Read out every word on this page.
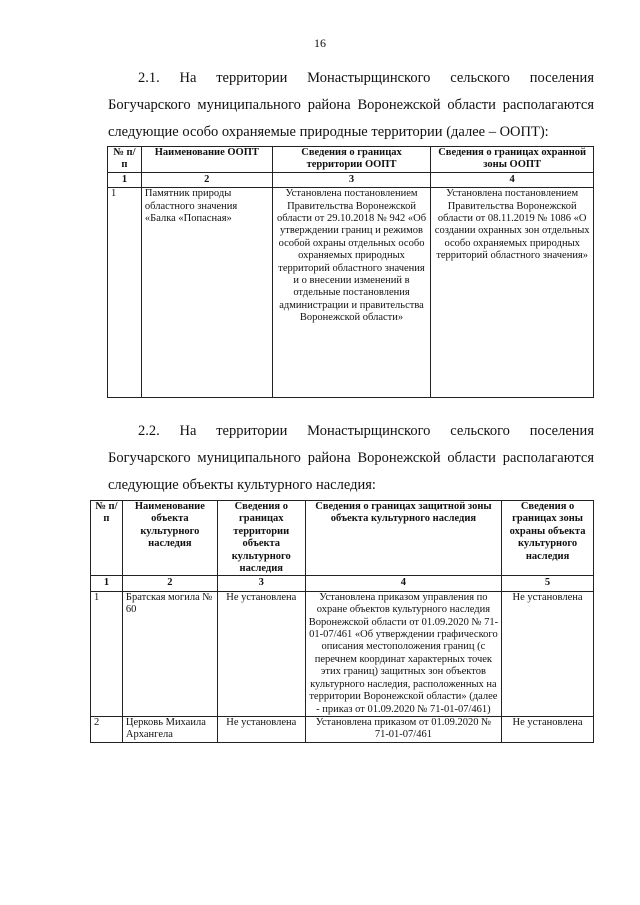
16
2.1. На территории Монастырщинского сельского поселения
Богучарского муниципального района Воронежской области располагаются
следующие особо охраняемые природные территории (далее – ООПТ):
№ п/п	Наименование ООПТ	Сведения о границах территории ООПТ	Сведения о границах охранной зоны ООПТ
1	2	3	4
1	Памятник природы областного значения «Балка «Попасная»	Установлена постановлением Правительства Воронежской области от 29.10.2018 № 942 «Об утверждении границ и режимов особой охраны отдельных особо охраняемых природных территорий областного значения и о внесении изменений в отдельные постановления администрации и правительства Воронежской области»	Установлена постановлением Правительства Воронежской области от 08.11.2019 № 1086 «О создании охранных зон отдельных особо охраняемых природных территорий областного значения»
2.2. На территории Монастырщинского сельского поселения
Богучарского муниципального района Воронежской области располагаются
следующие объекты культурного наследия:
№ п/п	Наименование объекта культурного наследия	Сведения о границах территории объекта культурного наследия	Сведения о границах защитной зоны объекта культурного наследия	Сведения о границах зоны охраны объекта культурного наследия
1	2	3	4	5
1	Братская могила № 60	Не установлена	Установлена приказом управления по охране объектов культурного наследия Воронежской области от 01.09.2020 № 71-01-07/461 «Об утверждении графического описания местоположения границ (с перечнем координат характерных точек этих границ) защитных зон объектов культурного наследия, расположенных на территории Воронежской области» (далее - приказ от 01.09.2020 № 71-01-07/461)	Не установлена
2	Церковь Михаила Архангела	Не установлена	Установлена приказом от 01.09.2020 № 71-01-07/461	Не установлена
